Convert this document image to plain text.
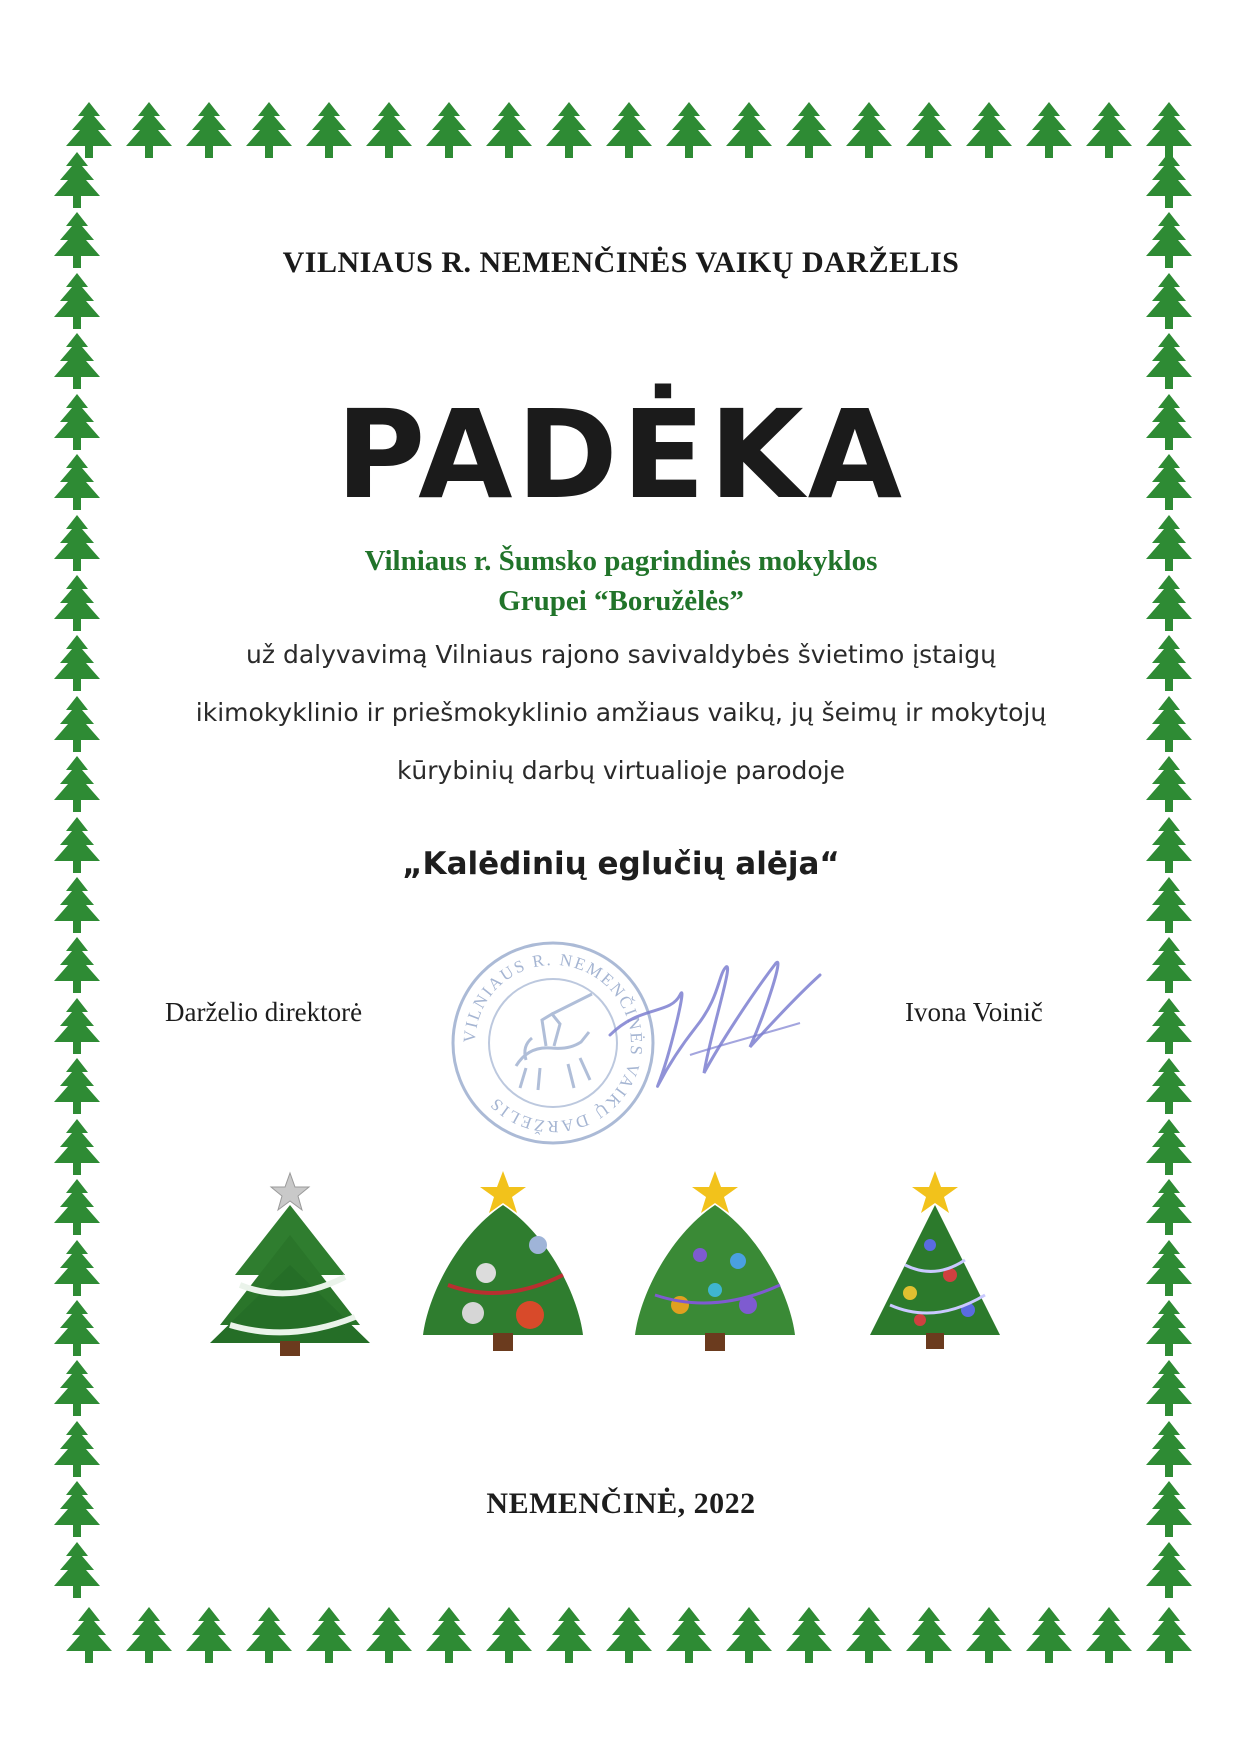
VILNIAUS R. NEMENČINĖS VAIKŲ DARŽELIS
PADĖKA
Vilniaus r. Šumsko pagrindinės mokyklos
Grupei “Boružėlės”
už dalyvavimą Vilniaus rajono savivaldybės švietimo įstaigų
ikimokyklinio ir priešmokyklinio amžiaus vaikų, jų šeimų ir mokytojų
kūrybinių darbų virtualioje parodoje
„Kalėdinių eglučių alėja“
Darželio direktorė
VILNIAUS R. NEMENČINĖS VAIKŲ DARŽELIS
Ivona Voinič
NEMENČINĖ, 2022
